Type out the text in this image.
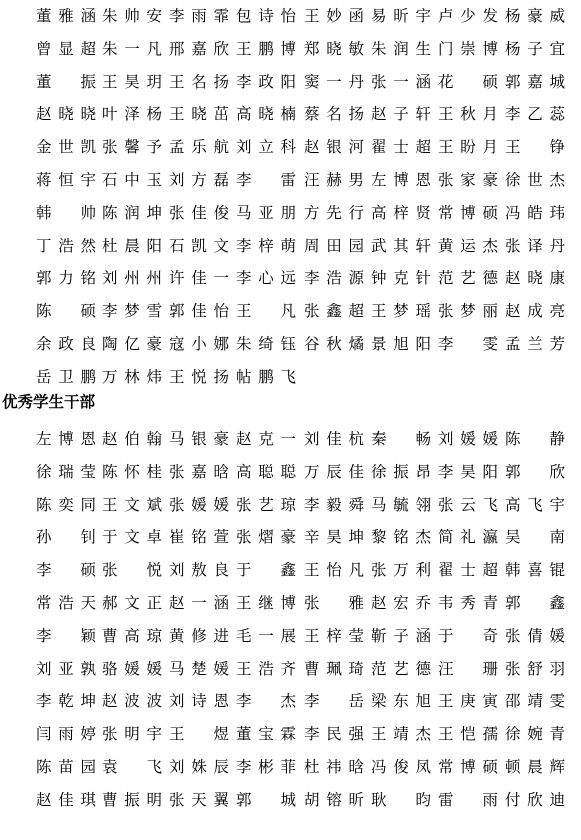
董雅涵 朱帅安 李雨霏 包诗怡 王妙函 易昕宇 卢少发 杨豪威
曾显超 朱一凡 邢嘉欣 王鹏博 郑晓敏 朱润生 门崇博 杨子宜
董振 王昊玥 王名扬 李政阳 窦一丹 张一涵 花硕 郭嘉城
赵晓晓 叶泽杨 王晓茁 高晓楠 蔡名扬 赵子轩 王秋月 李乙蕊
金世凯 张馨予 孟乐航 刘立科 赵银河 翟士超 王盼月 王铮
蒋恒宇 石中玉 刘方磊 李雷 汪赫男 左博恩 张家豪 徐世杰
韩帅 陈润坤 张佳俊 马亚朋 方先行 高梓贤 常博硕 冯皓玮
丁浩然 杜晨阳 石凯文 李梓萌 周田园 武其轩 黄运杰 张译丹
郭力铭 刘州州 许佳一 李心远 李浩源 钟克针 范艺德 赵晓康
陈硕 李梦雪 郭佳怡 王凡 张鑫超 王梦瑶 张梦丽 赵成亮
余政良 陶亿豪 寇小娜 朱绮钰 谷秋燏 景旭阳 李雯 孟兰芳
岳卫鹏 万林炜 王悦扬 帖鹏飞
优秀学生干部
左博恩 赵伯翰 马银豪 赵克一 刘佳杭 秦畅 刘媛媛 陈静
徐瑞莹 陈怀桂 张嘉晗 高聪聪 万辰佳 徐振昂 李昊阳 郭欣
陈奕同 王文斌 张媛媛 张艺琼 李毅舜 马毓翎 张云飞 高飞宇
孙钊 于文卓 崔铭萱 张熠豪 辛昊坤 黎铭杰 简礼瀛 吴南
李硕 张悦 刘敖良 于鑫 王怡凡 张万利 翟士超 韩喜锟
常浩天 郝文正 赵一涵 王继博 张雅 赵宏乔 韦秀青 郭鑫
李颖 曹高琼 黄修进 毛一展 王梓莹 靳子涵 于奇 张倩媛
刘亚孰 骆媛媛 马楚媛 王浩齐 曹珮琦 范艺德 汪珊 张舒羽
李乾坤 赵波波 刘诗恩 李杰 李岳 梁东旭 王庚寅 邵靖雯
闫雨婷 张明宇 王煜 董宝霖 李民强 王靖杰 王恺孺 徐婉青
陈苗园 袁飞 刘姝辰 李彬菲 杜祎晗 冯俊凤 常博硕 顿晨辉
赵佳琪 曹振明 张天翼 郭城 胡镕昕 耿昀 雷雨 付欣迪
